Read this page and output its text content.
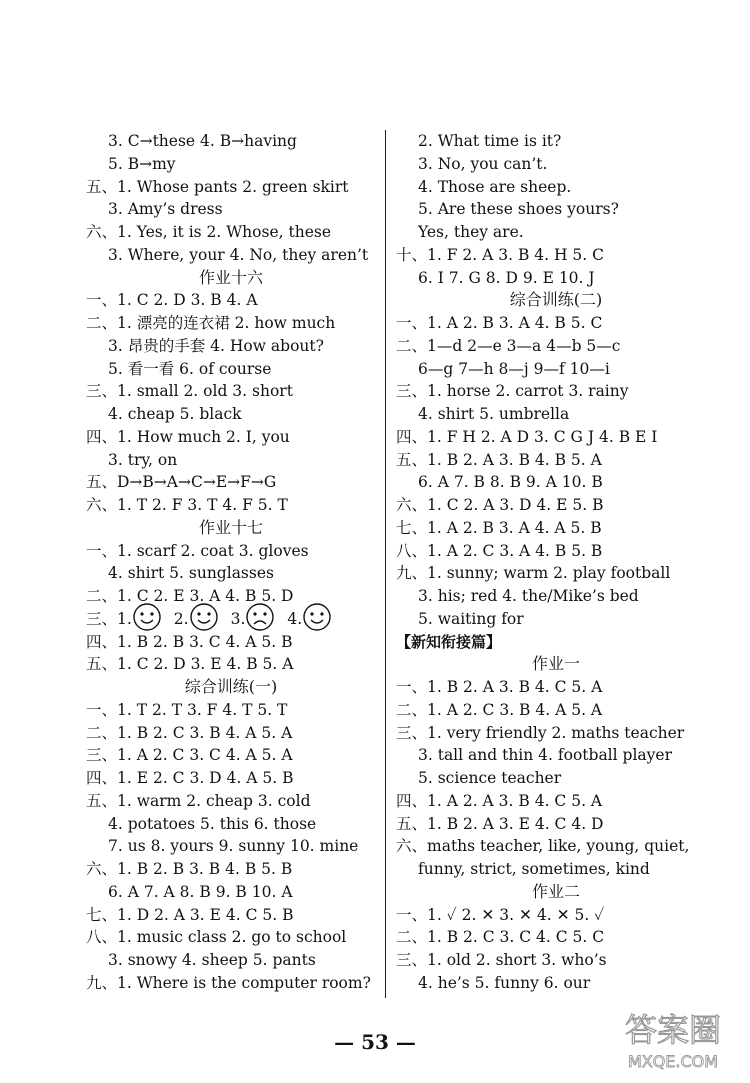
3. C→these 4. B→having
5. B→my
五、1. Whose pants 2. green skirt
3. Amy’s dress
六、1. Yes, it is 2. Whose, these
3. Where, your 4. No, they aren’t
作业十六
一、1. C 2. D 3. B 4. A
二、1. 漂亮的连衣裙 2. how much
3. 昂贵的手套 4. How about?
5. 看一看 6. of course
三、1. small 2. old 3. short
4. cheap 5. black
四、1. How much 2. I, you
3. try, on
五、D→B→A→C→E→F→G
六、1. T 2. F 3. T 4. F 5. T
作业十七
一、1. scarf 2. coat 3. gloves
4. shirt 5. sunglasses
二、1. C 2. E 3. A 4. B 5. D
三、1.	2.	3.	4.
四、1. B 2. B 3. C 4. A 5. B
五、1. C 2. D 3. E 4. B 5. A
综合训练(一)
一、1. T 2. T 3. F 4. T 5. T
二、1. B 2. C 3. B 4. A 5. A
三、1. A 2. C 3. C 4. A 5. A
四、1. E 2. C 3. D 4. A 5. B
五、1. warm 2. cheap 3. cold
4. potatoes 5. this 6. those
7. us 8. yours 9. sunny 10. mine
六、1. B 2. B 3. B 4. B 5. B
6. A 7. A 8. B 9. B 10. A
七、1. D 2. A 3. E 4. C 5. B
八、1. music class 2. go to school
3. snowy 4. sheep 5. pants
九、1. Where is the computer room?
2. What time is it?
3. No, you can’t.
4. Those are sheep.
5. Are these shoes yours?
Yes, they are.
十、1. F 2. A 3. B 4. H 5. C
6. I 7. G 8. D 9. E 10. J
综合训练(二)
一、1. A 2. B 3. A 4. B 5. C
二、1—d 2—e 3—a 4—b 5—c
6—g 7—h 8—j 9—f 10—i
三、1. horse 2. carrot 3. rainy
4. shirt 5. umbrella
四、1. F H 2. A D 3. C G J 4. B E I
五、1. B 2. A 3. B 4. B 5. A
6. A 7. B 8. B 9. A 10. B
六、1. C 2. A 3. D 4. E 5. B
七、1. A 2. B 3. A 4. A 5. B
八、1. A 2. C 3. A 4. B 5. B
九、1. sunny; warm 2. play football
3. his; red 4. the/Mike’s bed
5. waiting for
【新知衔接篇】
作业一
一、1. B 2. A 3. B 4. C 5. A
二、1. A 2. C 3. B 4. A 5. A
三、1. very friendly 2. maths teacher
3. tall and thin 4. football player
5. science teacher
四、1. A 2. A 3. B 4. C 5. A
五、1. B 2. A 3. E 4. C 4. D
六、maths teacher, like, young, quiet,
funny, strict, sometimes, kind
作业二
一、1. ✓ 2. ✕ 3. ✕ 4. ✕ 5. ✓
二、1. B 2. C 3. C 4. C 5. C
三、1. old 2. short 3. who’s
4. he’s 5. funny 6. our
— 53 —	答案圈
MXQE.COM
